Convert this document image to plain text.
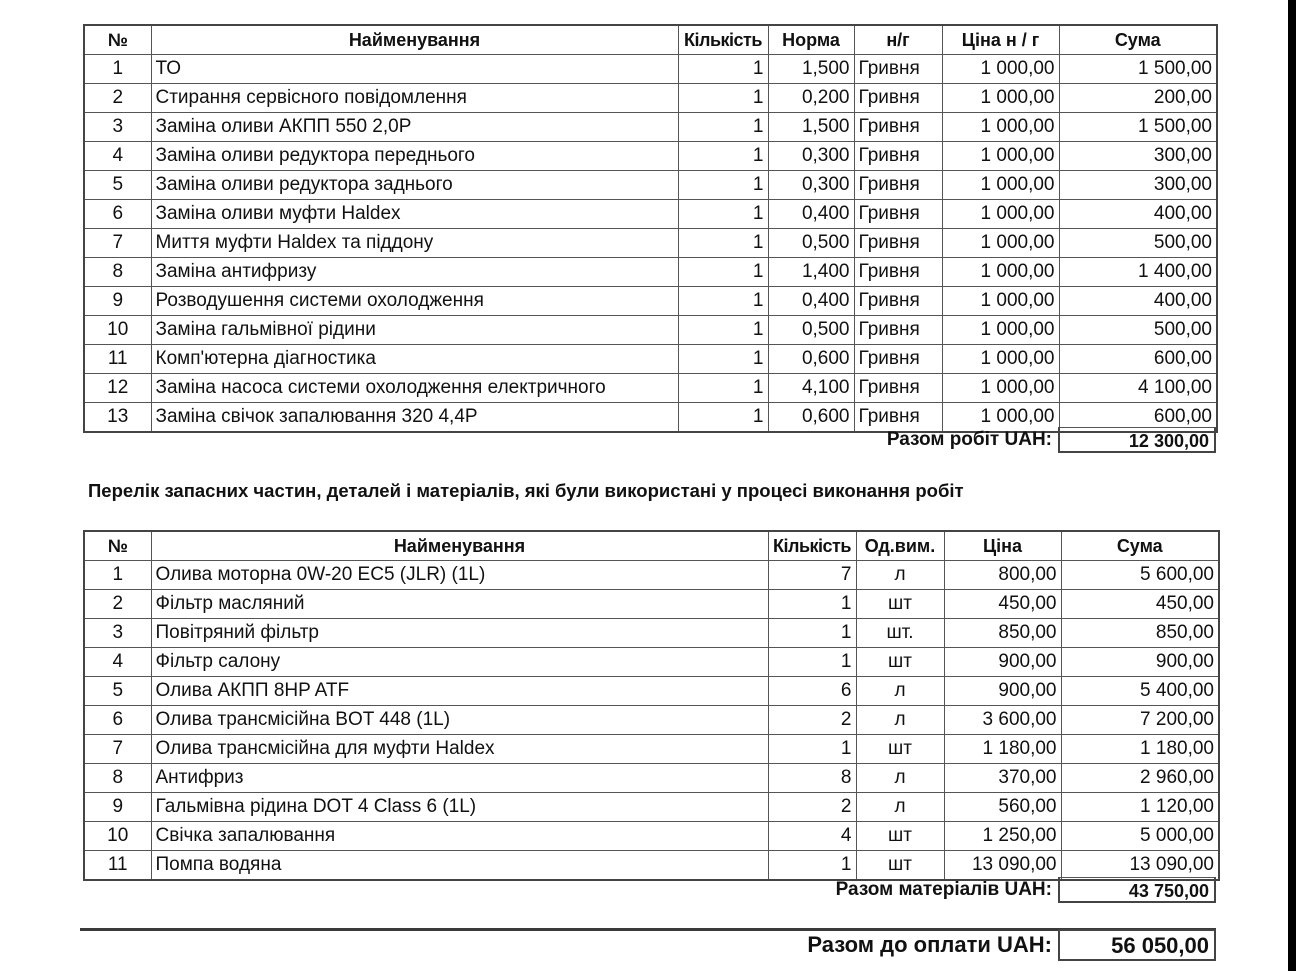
№	Найменування	Кількість	Норма	н/г	Ціна н / г	Сума
1	ТО	1	1,500	Гривня	1 000,00	1 500,00
2	Стирання сервісного повідомлення	1	0,200	Гривня	1 000,00	200,00
3	Заміна оливи АКПП 550 2,0P	1	1,500	Гривня	1 000,00	1 500,00
4	Заміна оливи редуктора переднього	1	0,300	Гривня	1 000,00	300,00
5	Заміна оливи редуктора заднього	1	0,300	Гривня	1 000,00	300,00
6	Заміна оливи муфти Haldex	1	0,400	Гривня	1 000,00	400,00
7	Миття муфти Haldex та піддону	1	0,500	Гривня	1 000,00	500,00
8	Заміна антифризу	1	1,400	Гривня	1 000,00	1 400,00
9	Розводушення системи охолодження	1	0,400	Гривня	1 000,00	400,00
10	Заміна гальмівної рідини	1	0,500	Гривня	1 000,00	500,00
11	Комп'ютерна діагностика	1	0,600	Гривня	1 000,00	600,00
12	Заміна насоса системи охолодження електричного	1	4,100	Гривня	1 000,00	4 100,00
13	Заміна свічок запалювання 320 4,4P	1	0,600	Гривня	1 000,00	600,00
Разом робіт UAH:	12 300,00
Перелік запасних частин, деталей і матеріалів, які були використані у процесі виконання робіт
№	Найменування	Кількість	Од.вим.	Ціна	Сума
1	Олива моторна 0W-20 EC5 (JLR) (1L)	7	л	800,00	5 600,00
2	Фільтр масляний	1	шт	450,00	450,00
3	Повітряний фільтр	1	шт.	850,00	850,00
4	Фільтр салону	1	шт	900,00	900,00
5	Олива АКПП 8HP ATF	6	л	900,00	5 400,00
6	Олива трансмісійна BOT 448 (1L)	2	л	3 600,00	7 200,00
7	Олива трансмісійна для муфти Haldex	1	шт	1 180,00	1 180,00
8	Антифриз	8	л	370,00	2 960,00
9	Гальмівна рідина DOT 4 Class 6 (1L)	2	л	560,00	1 120,00
10	Свічка запалювання	4	шт	1 250,00	5 000,00
11	Помпа водяна	1	шт	13 090,00	13 090,00
Разом матеріалів UAH:	43 750,00
Разом до оплати UAH:	56 050,00
